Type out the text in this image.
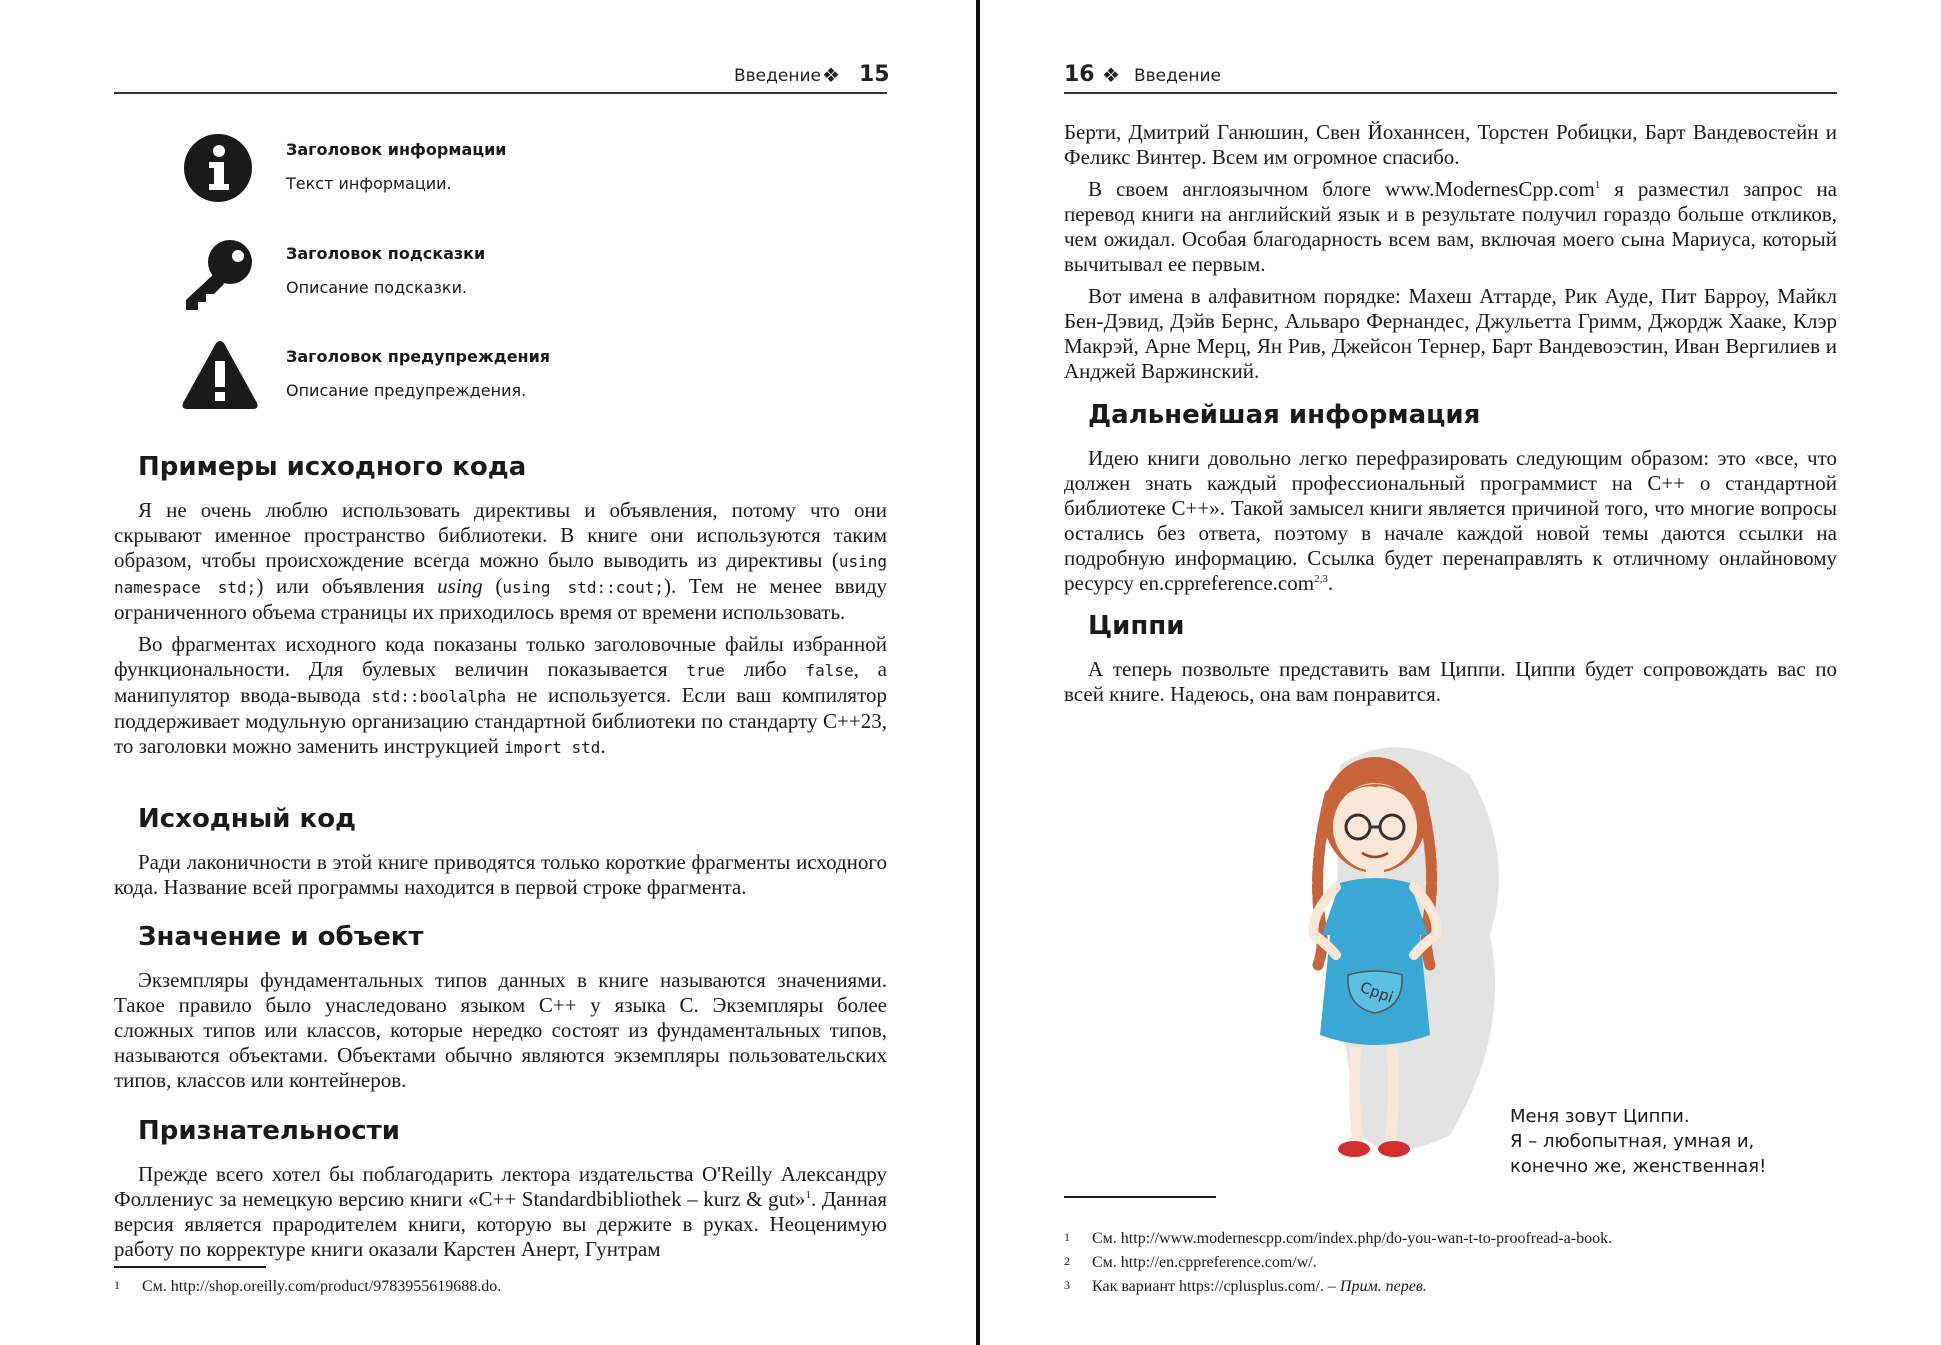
Введение ❖ 15
Заголовок информации
Текст информации.
Заголовок подсказки
Описание подсказки.
Заголовок предупреждения
Описание предупреждения.
Примеры исходного кода

Я не очень люблю использовать директивы и объявления, потому что они скрывают именное пространство библиотеки. В книге они используются таким образом, чтобы происхождение всегда можно было выводить из директивы (using namespace std;) или объявления using (using std::cout;). Тем не менее ввиду ограниченного объема страницы их приходилось время от времени использовать.

Во фрагментах исходного кода показаны только заголовочные файлы избранной функциональности. Для булевых величин показывается true либо false, а манипулятор ввода-вывода std::boolalpha не используется. Если ваш компилятор поддерживает модульную организацию стандартной библиотеки по стандарту C++23, то заголовки можно заменить инструкцией import std.

Исходный код

Ради лаконичности в этой книге приводятся только короткие фрагменты исходного кода. Название всей программы находится в первой строке фрагмента.

Значение и объект

Экземпляры фундаментальных типов данных в книге называются значениями. Такое правило было унаследовано языком C++ у языка C. Экземпляры более сложных типов или классов, которые нередко состоят из фундаментальных типов, называются объектами. Объектами обычно являются экземпляры пользовательских типов, классов или контейнеров.

Признательности

Прежде всего хотел бы поблагодарить лектора издательства O'Reilly Александру Фоллениус за немецкую версию книги «C++ Standardbibliothek – kurz & gut»$^1$. Данная версия является прародителем книги, которую вы держите в руках. Неоценимую работу по корректуре книги оказали Карстен Анерт, Гунтрам

1 См. http://shop.oreilly.com/product/9783955619688.do.
16 ❖ Введение

Берти, Дмитрий Ганюшин, Свен Йоханнсен, Торстен Робицки, Барт Вандевостейн и Феликс Винтер. Всем им огромное спасибо.

В своем англоязычном блоге www.ModernesCpp.com$^1$ я разместил запрос на перевод книги на английский язык и в результате получил гораздо больше откликов, чем ожидал. Особая благодарность всем вам, включая моего сына Мариуса, который вычитывал ее первым.

Вот имена в алфавитном порядке: Махеш Аттарде, Рик Ауде, Пит Барроу, Майкл Бен-Дэвид, Дэйв Бернс, Альваро Фернандес, Джульетта Гримм, Джордж Хааке, Клэр Макрэй, Арне Мерц, Ян Рив, Джейсон Тернер, Барт Вандевоэстин, Иван Вергилиев и Анджей Варжинский.

Дальнейшая информация

Идею книги довольно легко перефразировать следующим образом: это «все, что должен знать каждый профессиональный программист на C++ о стандартной библиотеке C++». Такой замысел книги является причиной того, что многие вопросы остались без ответа, поэтому в начале каждой новой темы даются ссылки на подробную информацию. Ссылка будет перенаправлять к отличному онлайновому ресурсу en.cppreference.com$^{2,3}$.

Циппи

А теперь позвольте представить вам Циппи. Циппи будет сопровождать вас по всей книге. Надеюсь, она вам понравится.

Cppi
Меня зовут Циппи.
Я – любопытная, умная и,
конечно же, женственная!
1 См. http://www.modernescpp.com/index.php/do-you-wan-t-to-proofread-a-book.
2 См. http://en.cppreference.com/w/.
3 Как вариант https://cplusplus.com/. – Прим. перев.
